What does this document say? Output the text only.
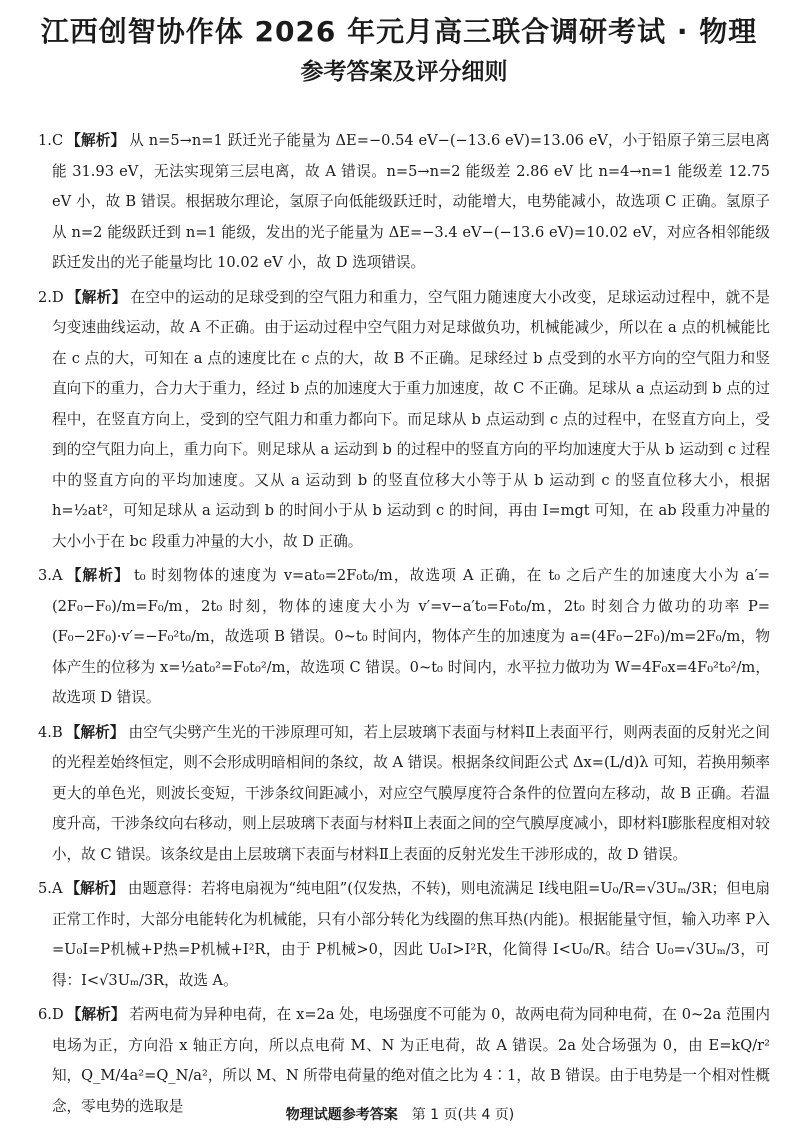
江西创智协作体 2026 年元月高三联合调研考试 · 物理
参考答案及评分细则
1. C 【解析】 从 n=5→n=1 跃迁光子能量为 ΔE=−0.54 eV−(−13.6 eV)=13.06 eV，小于铅原子第三层电离能 31.93 eV，无法实现第三层电离，故 A 错误。n=5→n=2 能级差 2.86 eV 比 n=4→n=1 能级差 12.75 eV 小，故 B 错误。根据玻尔理论，氢原子向低能级跃迁时，动能增大，电势能减小，故选项 C 正确。氢原子从 n=2 能级跃迁到 n=1 能级，发出的光子能量为 ΔE=−3.4 eV−(−13.6 eV)=10.02 eV，对应各相邻能级跃迁发出的光子能量均比 10.02 eV 小，故 D 选项错误。
2. D 【解析】 在空中的运动的足球受到的空气阻力和重力，空气阻力随速度大小改变，足球运动过程中，就不是匀变速曲线运动，故 A 不正确。由于运动过程中空气阻力对足球做负功，机械能减少，所以在 a 点的机械能比在 c 点的大，可知在 a 点的速度比在 c 点的大，故 B 不正确。足球经过 b 点受到的水平方向的空气阻力和竖直向下的重力，合力大于重力，经过 b 点的加速度大于重力加速度，故 C 不正确。足球从 a 点运动到 b 点的过程中，在竖直方向上，受到的空气阻力和重力都向下。而足球从 b 点运动到 c 点的过程中，在竖直方向上，受到的空气阻力向上，重力向下。则足球从 a 运动到 b 的过程中的竖直方向的平均加速度大于从 b 运动到 c 过程中的竖直方向的平均加速度。又从 a 运动到 b 的竖直位移大小等于从 b 运动到 c 的竖直位移大小，根据 h=½at²，可知足球从 a 运动到 b 的时间小于从 b 运动到 c 的时间，再由 I=mgt 可知，在 ab 段重力冲量的大小小于在 bc 段重力冲量的大小，故 D 正确。
3. A 【解析】 t₀ 时刻物体的速度为 v=at₀=2F₀t₀/m，故选项 A 正确，在 t₀ 之后产生的加速度大小为 a′=(2F₀−F₀)/m=F₀/m，2t₀ 时刻，物体的速度大小为 v′=v−a′t₀=F₀t₀/m，2t₀ 时刻合力做功的功率 P=(F₀−2F₀)·v′=−F₀²t₀/m，故选项 B 错误。0~t₀ 时间内，物体产生的加速度为 a=(4F₀−2F₀)/m=2F₀/m，物体产生的位移为 x=½at₀²=F₀t₀²/m，故选项 C 错误。0~t₀ 时间内，水平拉力做功为 W=4F₀x=4F₀²t₀²/m，故选项 D 错误。
4. B 【解析】 由空气尖劈产生光的干涉原理可知，若上层玻璃下表面与材料Ⅱ上表面平行，则两表面的反射光之间的光程差始终恒定，则不会形成明暗相间的条纹，故 A 错误。根据条纹间距公式 Δx=(L/d)λ 可知，若换用频率更大的单色光，则波长变短，干涉条纹间距减小，对应空气膜厚度符合条件的位置向左移动，故 B 正确。若温度升高，干涉条纹向右移动，则上层玻璃下表面与材料Ⅱ上表面之间的空气膜厚度减小，即材料Ⅰ膨胀程度相对较小，故 C 错误。该条纹是由上层玻璃下表面与材料Ⅱ上表面的反射光发生干涉形成的，故 D 错误。
5. A 【解析】 由题意得：若将电扇视为“纯电阻”(仅发热，不转)，则电流满足 I线电阻=U₀/R=√3Uₘ/3R；但电扇正常工作时，大部分电能转化为机械能，只有小部分转化为线圈的焦耳热(内能)。根据能量守恒，输入功率 P入=U₀I=P机械+P热=P机械+I²R，由于 P机械>0，因此 U₀I>I²R，化简得 I<U₀/R。结合 U₀=√3Uₘ/3，可得：I<√3Uₘ/3R，故选 A。
6. D 【解析】 若两电荷为异种电荷，在 x=2a 处，电场强度不可能为 0，故两电荷为同种电荷，在 0~2a 范围内电场为正，方向沿 x 轴正方向，所以点电荷 M、N 为正电荷，故 A 错误。2a 处合场强为 0，由 E=kQ/r² 知，Q_M/4a²=Q_N/a²，所以 M、N 所带电荷量的绝对值之比为 4∶1，故 B 错误。由于电势是一个相对性概念，零电势的选取是
物理试题参考答案 第 1 页(共 4 页)
